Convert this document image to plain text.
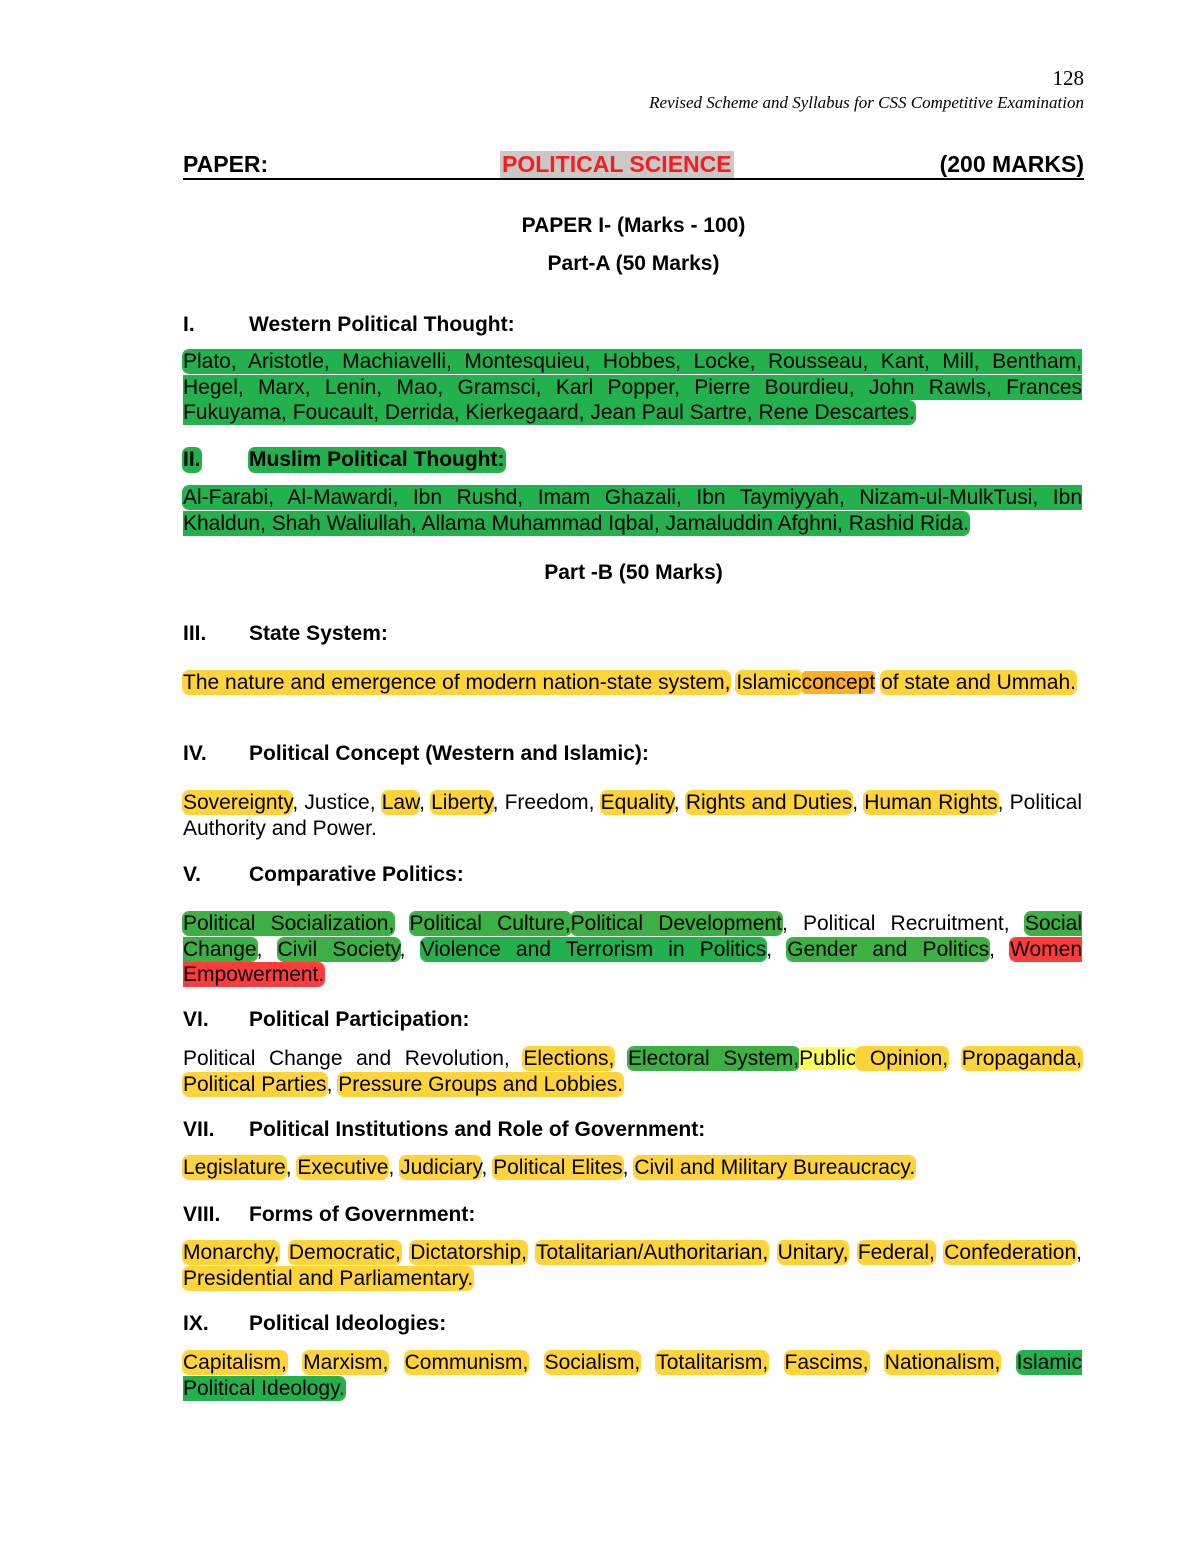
128
Revised Scheme and Syllabus for CSS Competitive Examination
PAPER:	POLITICAL SCIENCE	(200 MARKS)
PAPER I- (Marks - 100)
Part-A (50 Marks)
I.	Western Political Thought:
Plato, Aristotle, Machiavelli, Montesquieu, Hobbes, Locke, Rousseau, Kant, Mill, Bentham, Hegel, Marx, Lenin, Mao, Gramsci, Karl Popper, Pierre Bourdieu, John Rawls, Frances Fukuyama, Foucault, Derrida, Kierkegaard, Jean Paul Sartre, Rene Descartes.
II. Muslim Political Thought:
Al-Farabi, Al-Mawardi, Ibn Rushd, Imam Ghazali, Ibn Taymiyyah, Nizam-ul-MulkTusi, Ibn Khaldun, Shah Waliullah, Allama Muhammad Iqbal, Jamaluddin Afghni, Rashid Rida.
Part -B (50 Marks)
III. State System:
The nature and emergence of modern nation-state system, Islamicconcept of state and Ummah.
IV. Political Concept (Western and Islamic):
Sovereignty, Justice, Law, Liberty, Freedom, Equality, Rights and Duties, Human Rights, Political Authority and Power.
V. Comparative Politics:
Political Socialization, Political Culture,Political Development, Political Recruitment, Social Change, Civil Society, Violence and Terrorism in Politics, Gender and Politics, Women Empowerment.
VI. Political Participation:
Political Change and Revolution, Elections, Electoral System,Public Opinion, Propaganda, Political Parties, Pressure Groups and Lobbies.
VII. Political Institutions and Role of Government:
Legislature, Executive, Judiciary, Political Elites, Civil and Military Bureaucracy.
VIII. Forms of Government:
Monarchy, Democratic, Dictatorship, Totalitarian/Authoritarian, Unitary, Federal, Confederation, Presidential and Parliamentary.
IX. Political Ideologies:
Capitalism, Marxism, Communism, Socialism, Totalitarism, Fascims, Nationalism, Islamic Political Ideology.
